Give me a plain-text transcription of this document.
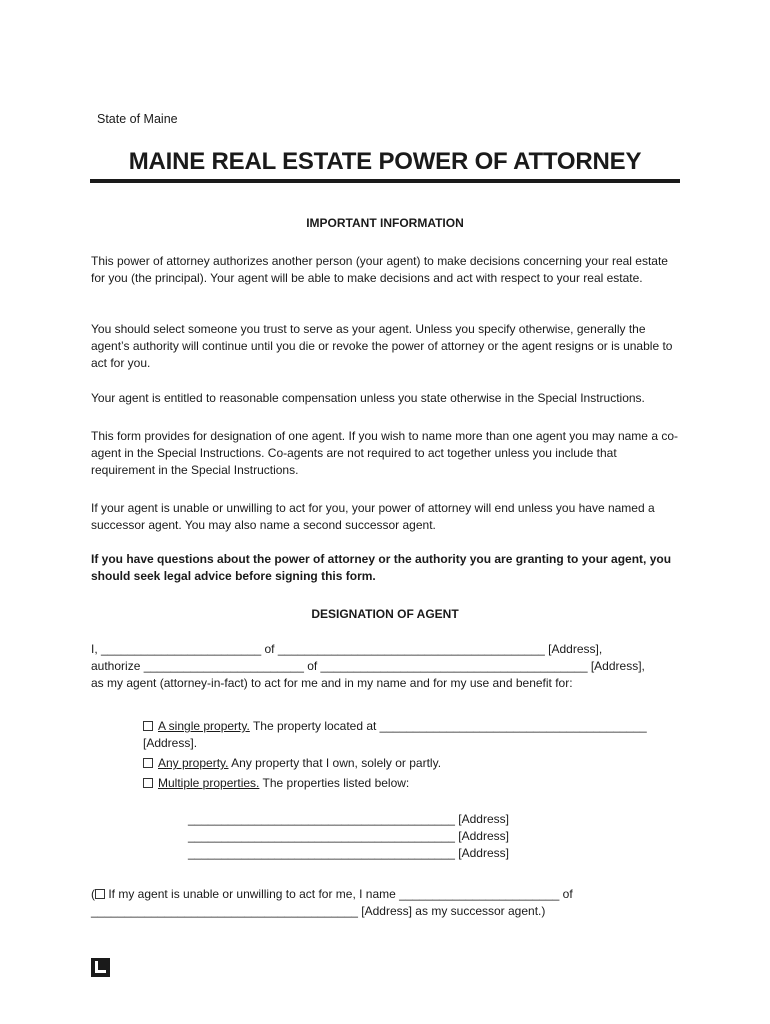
State of Maine
MAINE REAL ESTATE POWER OF ATTORNEY
IMPORTANT INFORMATION
This power of attorney authorizes another person (your agent) to make decisions concerning your real estate for you (the principal). Your agent will be able to make decisions and act with respect to your real estate.
You should select someone you trust to serve as your agent. Unless you specify otherwise, generally the agent’s authority will continue until you die or revoke the power of attorney or the agent resigns or is unable to act for you.
Your agent is entitled to reasonable compensation unless you state otherwise in the Special Instructions.
This form provides for designation of one agent. If you wish to name more than one agent you may name a co-agent in the Special Instructions. Co-agents are not required to act together unless you include that requirement in the Special Instructions.
If your agent is unable or unwilling to act for you, your power of attorney will end unless you have named a successor agent. You may also name a second successor agent.
If you have questions about the power of attorney or the authority you are granting to your agent, you should seek legal advice before signing this form.
DESIGNATION OF AGENT
I, ________________________ of ________________________________________ [Address],
authorize ________________________ of ________________________________________ [Address],
as my agent (attorney-in-fact) to act for me and in my name and for my use and benefit for:
A single property. The property located at ________________________________________
[Address].
Any property. Any property that I own, solely or partly.
Multiple properties. The properties listed below:
________________________________________ [Address]
________________________________________ [Address]
________________________________________ [Address]
( If my agent is unable or unwilling to act for me, I name ________________________ of
________________________________________ [Address] as my successor agent.)
